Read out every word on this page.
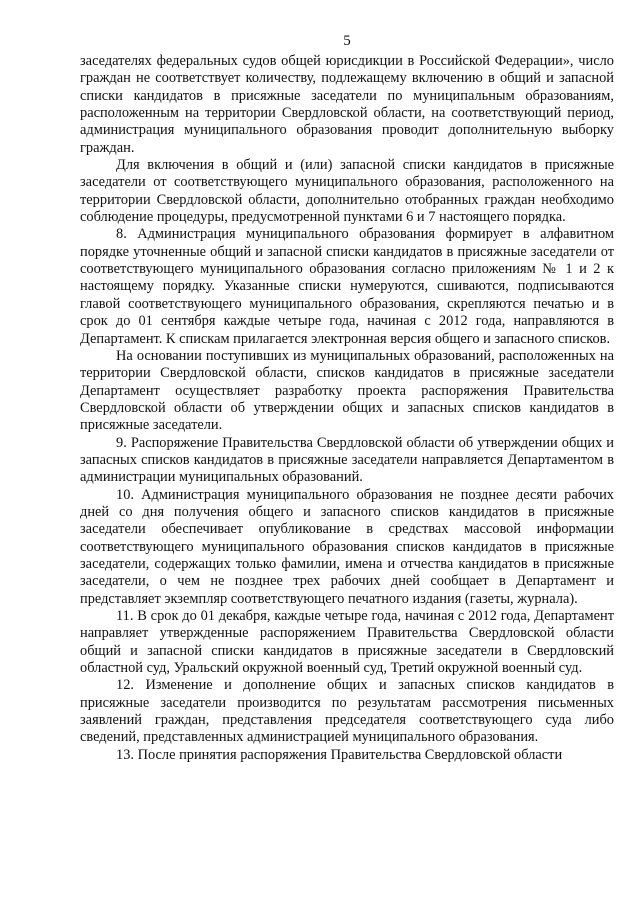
5

заседателях федеральных судов общей юрисдикции в Российской Федерации», число граждан не соответствует количеству, подлежащему включению в общий и запасной списки кандидатов в присяжные заседатели по муниципальным образованиям, расположенным на территории Свердловской области, на соответствующий период, администрация муниципального образования проводит дополнительную выборку граждан.

Для включения в общий и (или) запасной списки кандидатов в присяжные заседатели от соответствующего муниципального образования, расположенного на территории Свердловской области, дополнительно отобранных граждан необходимо соблюдение процедуры, предусмотренной пунктами 6 и 7 настоящего порядка.

8. Администрация муниципального образования формирует в алфавитном порядке уточненные общий и запасной списки кандидатов в присяжные заседатели от соответствующего муниципального образования согласно приложениям № 1 и 2 к настоящему порядку. Указанные списки нумеруются, сшиваются, подписываются главой соответствующего муниципального образования, скрепляются печатью и в срок до 01 сентября каждые четыре года, начиная с 2012 года, направляются в Департамент. К спискам прилагается электронная версия общего и запасного списков.

На основании поступивших из муниципальных образований, расположенных на территории Свердловской области, списков кандидатов в присяжные заседатели Департамент осуществляет разработку проекта распоряжения Правительства Свердловской области об утверждении общих и запасных списков кандидатов в присяжные заседатели.

9. Распоряжение Правительства Свердловской области об утверждении общих и запасных списков кандидатов в присяжные заседатели направляется Департаментом в администрации муниципальных образований.

10. Администрация муниципального образования не позднее десяти рабочих дней со дня получения общего и запасного списков кандидатов в присяжные заседатели обеспечивает опубликование в средствах массовой информации соответствующего муниципального образования списков кандидатов в присяжные заседатели, содержащих только фамилии, имена и отчества кандидатов в присяжные заседатели, о чем не позднее трех рабочих дней сообщает в Департамент и представляет экземпляр соответствующего печатного издания (газеты, журнала).

11. В срок до 01 декабря, каждые четыре года, начиная с 2012 года, Департамент направляет утвержденные распоряжением Правительства Свердловской области общий и запасной списки кандидатов в присяжные заседатели в Свердловский областной суд, Уральский окружной военный суд, Третий окружной военный суд.

12. Изменение и дополнение общих и запасных списков кандидатов в присяжные заседатели производится по результатам рассмотрения письменных заявлений граждан, представления председателя соответствующего суда либо сведений, представленных администрацией муниципального образования.

13. После принятия распоряжения Правительства Свердловской области
